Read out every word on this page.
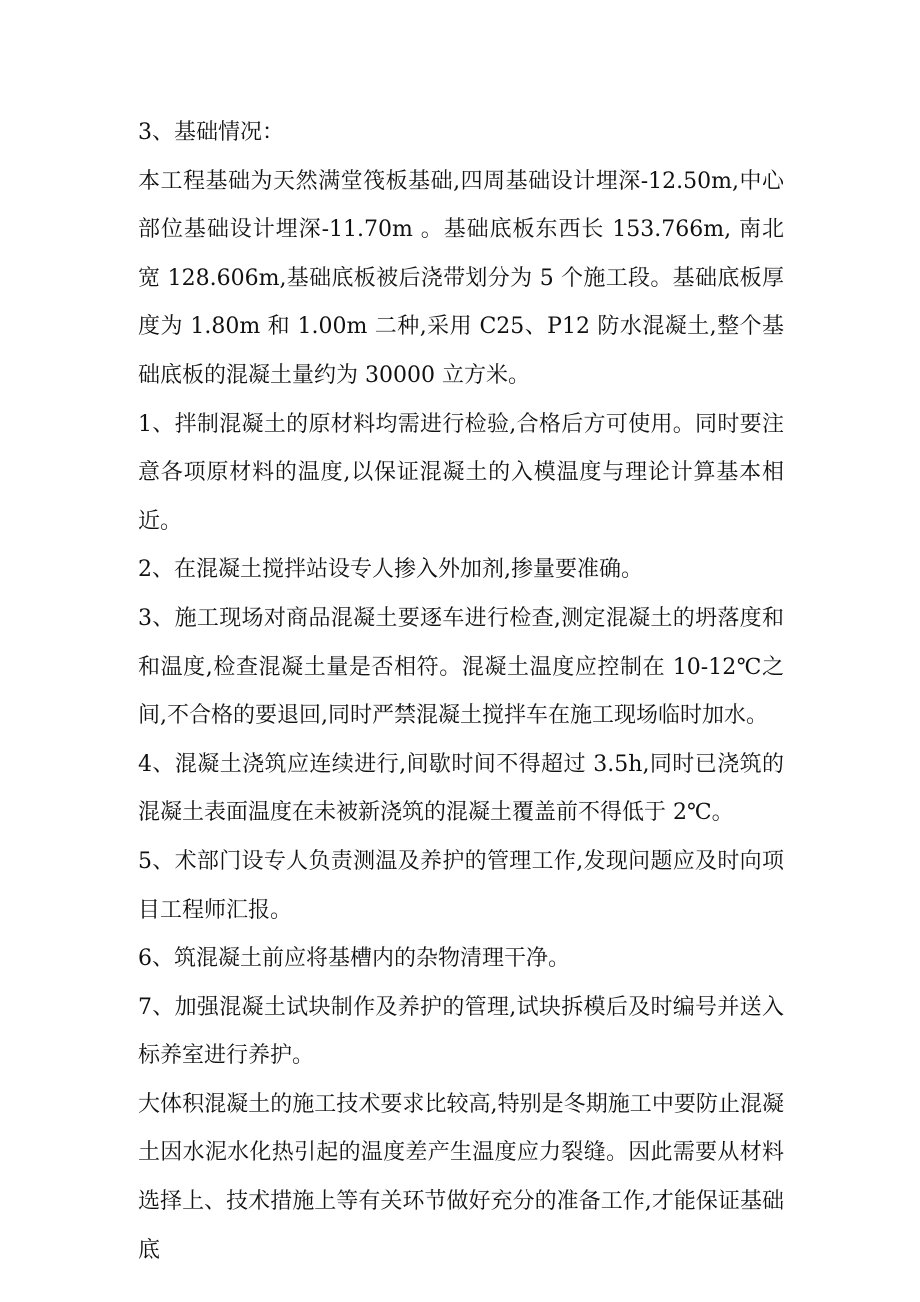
3、基础情况：

本工程基础为天然满堂筏板基础,四周基础设计埋深-12.50m,中心部位基础设计埋深-11.70m 。基础底板东西长 153.766m, 南北宽 128.606m,基础底板被后浇带划分为 5 个施工段。基础底板厚度为 1.80m 和 1.00m 二种,采用 C25、P12 防水混凝土,整个基础底板的混凝土量约为 30000 立方米。

1、拌制混凝土的原材料均需进行检验,合格后方可使用。同时要注意各项原材料的温度,以保证混凝土的入模温度与理论计算基本相近。

2、在混凝土搅拌站设专人掺入外加剂,掺量要准确。

3、施工现场对商品混凝土要逐车进行检查,测定混凝土的坍落度和和温度,检查混凝土量是否相符。混凝土温度应控制在 10-12℃之间,不合格的要退回,同时严禁混凝土搅拌车在施工现场临时加水。

4、混凝土浇筑应连续进行,间歇时间不得超过 3.5h,同时已浇筑的混凝土表面温度在未被新浇筑的混凝土覆盖前不得低于 2℃。

5、术部门设专人负责测温及养护的管理工作,发现问题应及时向项目工程师汇报。

6、筑混凝土前应将基槽内的杂物清理干净。

7、加强混凝土试块制作及养护的管理,试块拆模后及时编号并送入标养室进行养护。

大体积混凝土的施工技术要求比较高,特别是冬期施工中要防止混凝土因水泥水化热引起的温度差产生温度应力裂缝。因此需要从材料选择上、技术措施上等有关环节做好充分的准备工作,才能保证基础底
